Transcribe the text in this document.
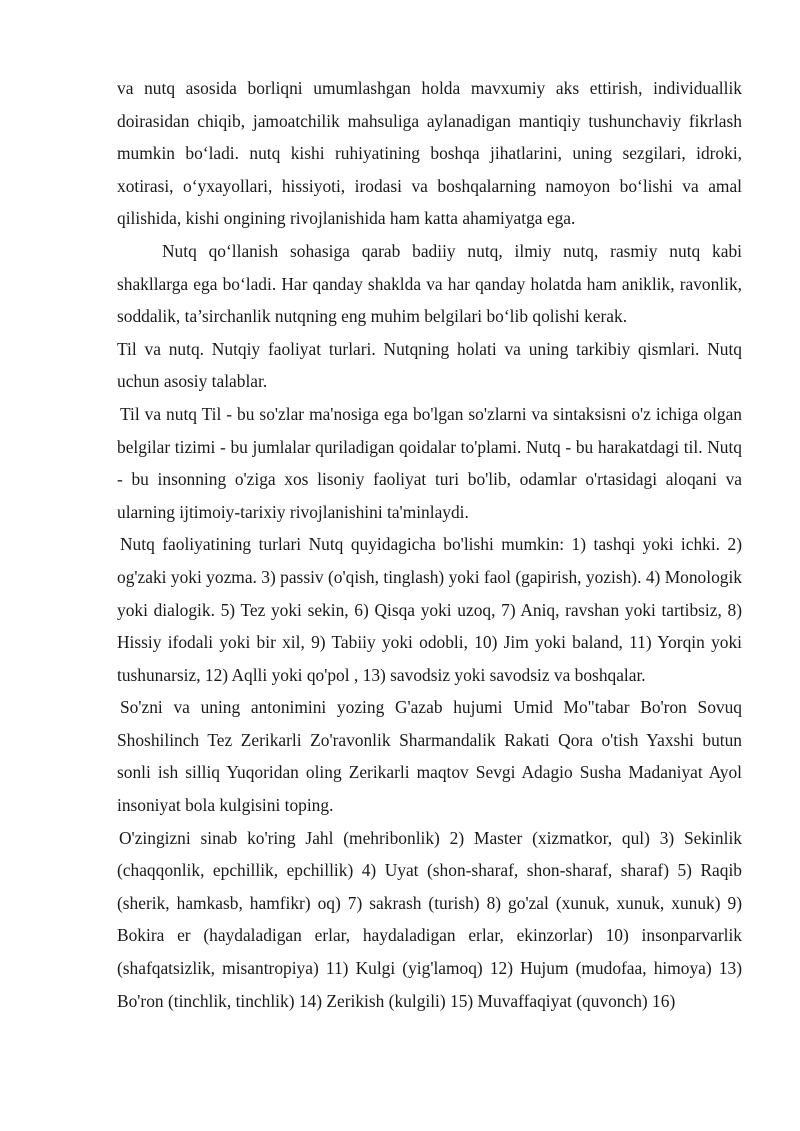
va nutq asosida borliqni umumlashgan holda mavxumiy aks ettirish, individuallik doirasidan chiqib, jamoatchilik mahsuliga aylanadigan mantiqiy tushunchaviy fikrlash mumkin bo‘ladi. nutq kishi ruhiyatining boshqa jihatlarini, uning sezgilari, idroki, xotirasi, o‘yxayollari, hissiyoti, irodasi va boshqalarning namoyon bo‘lishi va amal qilishida, kishi ongining rivojlanishida ham katta ahamiyatga ega.

Nutq qo‘llanish sohasiga qarab badiiy nutq, ilmiy nutq, rasmiy nutq kabi shakllarga ega bo‘ladi. Har qanday shaklda va har qanday holatda ham aniklik, ravonlik, soddalik, ta’sirchanlik nutqning eng muhim belgilari bo‘lib qolishi kerak.

Til va nutq. Nutqiy faoliyat turlari. Nutqning holati va uning tarkibiy qismlari. Nutq uchun asosiy talablar.

Til va nutq Til - bu so'zlar ma'nosiga ega bo'lgan so'zlarni va sintaksisni o'z ichiga olgan belgilar tizimi - bu jumlalar quriladigan qoidalar to'plami. Nutq - bu harakatdagi til. Nutq - bu insonning o'ziga xos lisoniy faoliyat turi bo'lib, odamlar o'rtasidagi aloqani va ularning ijtimoiy-tarixiy rivojlanishini ta'minlaydi.

Nutq faoliyatining turlari Nutq quyidagicha bo'lishi mumkin: 1) tashqi yoki ichki. 2) og'zaki yoki yozma. 3) passiv (o'qish, tinglash) yoki faol (gapirish, yozish). 4) Monologik yoki dialogik. 5) Tez yoki sekin, 6) Qisqa yoki uzoq, 7) Aniq, ravshan yoki tartibsiz, 8) Hissiy ifodali yoki bir xil, 9) Tabiiy yoki odobli, 10) Jim yoki baland, 11) Yorqin yoki tushunarsiz, 12) Aqlli yoki qo'pol , 13) savodsiz yoki savodsiz va boshqalar.

So'zni va uning antonimini yozing G'azab hujumi Umid Mo"tabar Bo'ron Sovuq Shoshilinch Tez Zerikarli Zo'ravonlik Sharmandalik Rakati Qora o'tish Yaxshi butun sonli ish silliq Yuqoridan oling Zerikarli maqtov Sevgi Adagio Susha Madaniyat Ayol insoniyat bola kulgisini toping.

O'zingizni sinab ko'ring Jahl (mehribonlik) 2) Master (xizmatkor, qul) 3) Sekinlik (chaqqonlik, epchillik, epchillik) 4) Uyat (shon-sharaf, shon-sharaf, sharaf) 5) Raqib (sherik, hamkasb, hamfikr) oq) 7) sakrash (turish) 8) go'zal (xunuk, xunuk, xunuk) 9) Bokira er (haydaladigan erlar, haydaladigan erlar, ekinzorlar) 10) insonparvarlik (shafqatsizlik, misantropiya) 11) Kulgi (yig'lamoq) 12) Hujum (mudofaa, himoya) 13) Bo'ron (tinchlik, tinchlik) 14) Zerikish (kulgili) 15) Muvaffaqiyat (quvonch) 16)
